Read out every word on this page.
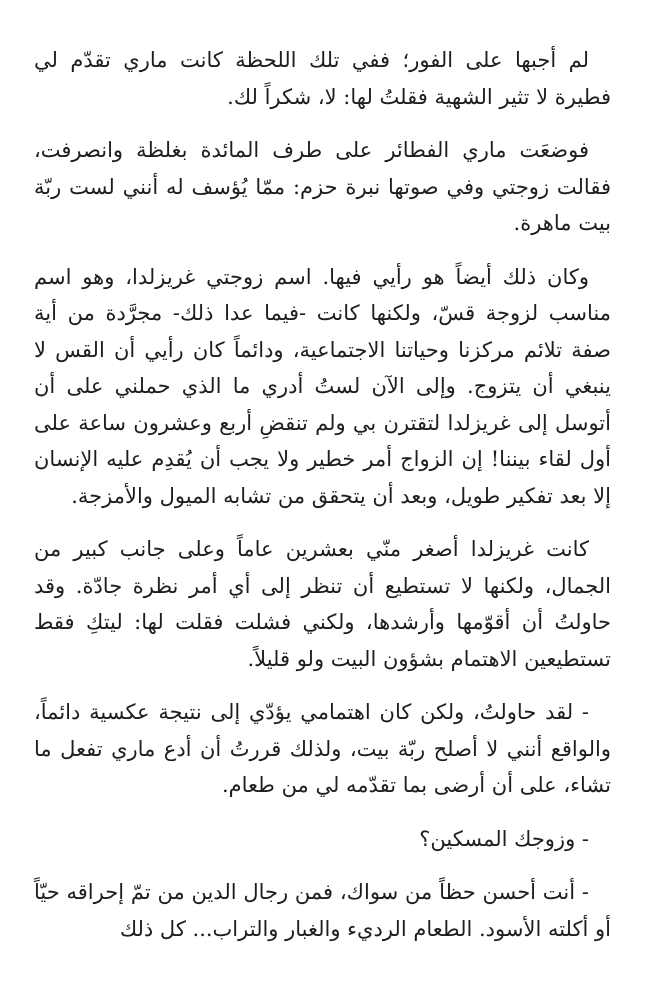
لم أجبها على الفور؛ ففي تلك اللحظة كانت ماري تقدّم لي فطيرة لا تثير الشهية فقلتُ لها: لا، شكراً لك.

فوضعَت ماري الفطائر على طرف المائدة بغلظة وانصرفت، فقالت زوجتي وفي صوتها نبرة حزم: ممّا يُؤسف له أنني لست ربّة بيت ماهرة.

وكان ذلك أيضاً هو رأيي فيها. اسم زوجتي غريزلدا، وهو اسم مناسب لزوجة قسّ، ولكنها كانت -فيما عدا ذلك- مجرَّدة من أية صفة تلائم مركزنا وحياتنا الاجتماعية، ودائماً كان رأيي أن القس لا ينبغي أن يتزوج. وإلى الآن لستُ أدري ما الذي حملني على أن أتوسل إلى غريزلدا لتقترن بي ولم تنقضِ أربع وعشرون ساعة على أول لقاء بيننا! إن الزواج أمر خطير ولا يجب أن يُقدِم عليه الإنسان إلا بعد تفكير طويل، وبعد أن يتحقق من تشابه الميول والأمزجة.

كانت غريزلدا أصغر منّي بعشرين عاماً وعلى جانب كبير من الجمال، ولكنها لا تستطيع أن تنظر إلى أي أمر نظرة جادّة. وقد حاولتُ أن أقوّمها وأرشدها، ولكني فشلت فقلت لها: ليتكِ فقط تستطيعين الاهتمام بشؤون البيت ولو قليلاً.

- لقد حاولتُ، ولكن كان اهتمامي يؤدّي إلى نتيجة عكسية دائماً، والواقع أنني لا أصلح ربّة بيت، ولذلك قررتُ أن أدع ماري تفعل ما تشاء، على أن أرضى بما تقدّمه لي من طعام.

- وزوجك المسكين؟

- أنت أحسن حظاً من سواك، فمن رجال الدين من تمّ إحراقه حيّاً أو أكلته الأسود. الطعام الرديء والغبار والتراب... كل ذلك
